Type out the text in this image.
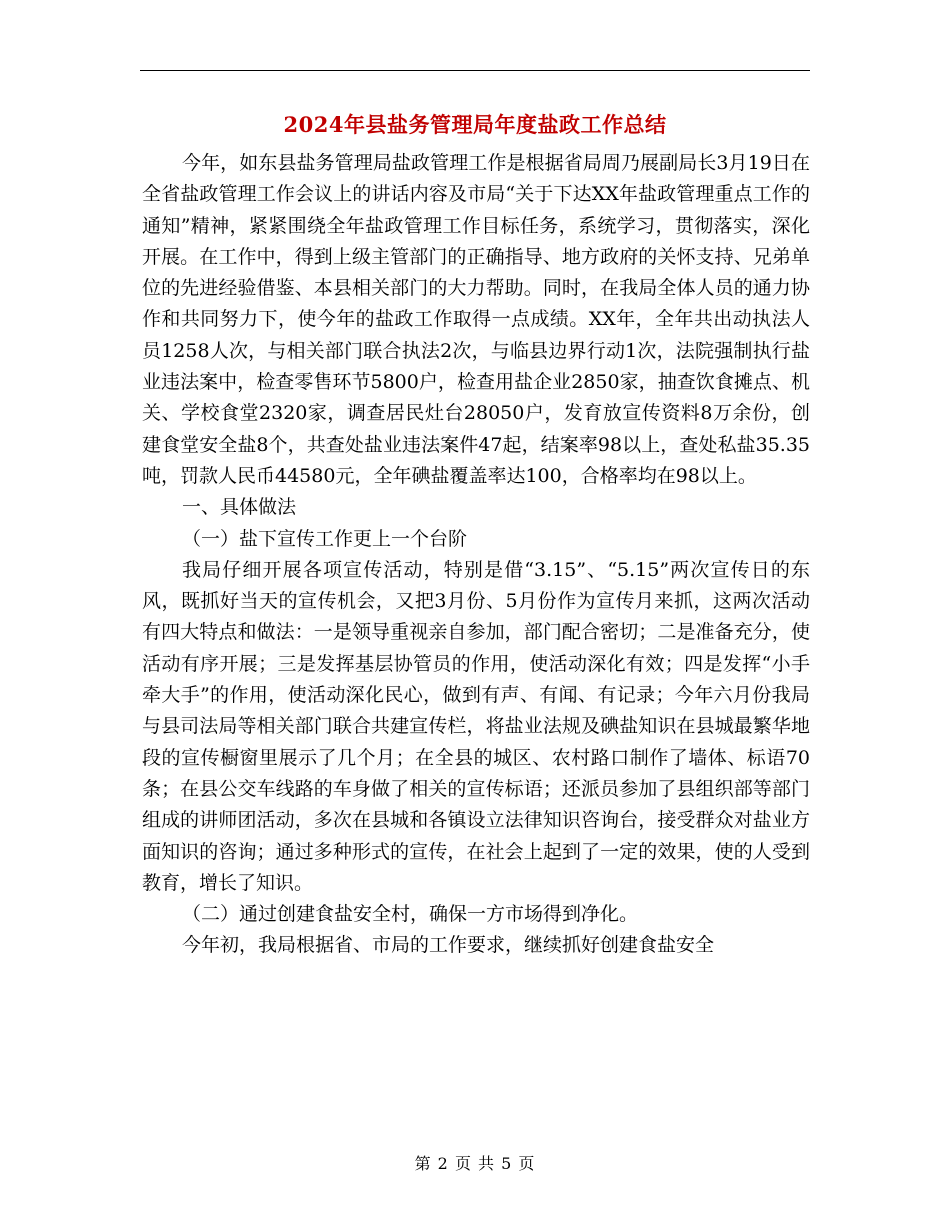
2024年县盐务管理局年度盐政工作总结

今年，如东县盐务管理局盐政管理工作是根据省局周乃展副局长3月19日在全省盐政管理工作会议上的讲话内容及市局“关于下达XX年盐政管理重点工作的通知”精神，紧紧围绕全年盐政管理工作目标任务，系统学习，贯彻落实，深化开展。在工作中，得到上级主管部门的正确指导、地方政府的关怀支持、兄弟单位的先进经验借鉴、本县相关部门的大力帮助。同时，在我局全体人员的通力协作和共同努力下，使今年的盐政工作取得一点成绩。XX年，全年共出动执法人员1258人次，与相关部门联合执法2次，与临县边界行动1次，法院强制执行盐业违法案中，检查零售环节5800户，检查用盐企业2850家，抽查饮食摊点、机关、学校食堂2320家，调查居民灶台28050户，发育放宣传资料8万余份，创建食堂安全盐8个，共查处盐业违法案件47起，结案率98以上，查处私盐35.35吨，罚款人民币44580元，全年碘盐覆盖率达100，合格率均在98以上。

一、具体做法

（一）盐下宣传工作更上一个台阶

我局仔细开展各项宣传活动，特别是借“3.15”、“5.15”两次宣传日的东风，既抓好当天的宣传机会，又把3月份、5月份作为宣传月来抓，这两次活动有四大特点和做法：一是领导重视亲自参加，部门配合密切；二是准备充分，使活动有序开展；三是发挥基层协管员的作用，使活动深化有效；四是发挥“小手牵大手”的作用，使活动深化民心，做到有声、有闻、有记录；今年六月份我局与县司法局等相关部门联合共建宣传栏，将盐业法规及碘盐知识在县城最繁华地段的宣传橱窗里展示了几个月；在全县的城区、农村路口制作了墙体、标语70条；在县公交车线路的车身做了相关的宣传标语；还派员参加了县组织部等部门组成的讲师团活动，多次在县城和各镇设立法律知识咨询台，接受群众对盐业方面知识的咨询；通过多种形式的宣传，在社会上起到了一定的效果，使的人受到教育，增长了知识。

（二）通过创建食盐安全村，确保一方市场得到净化。

今年初，我局根据省、市局的工作要求，继续抓好创建食盐安全

第 2 页 共 5 页
